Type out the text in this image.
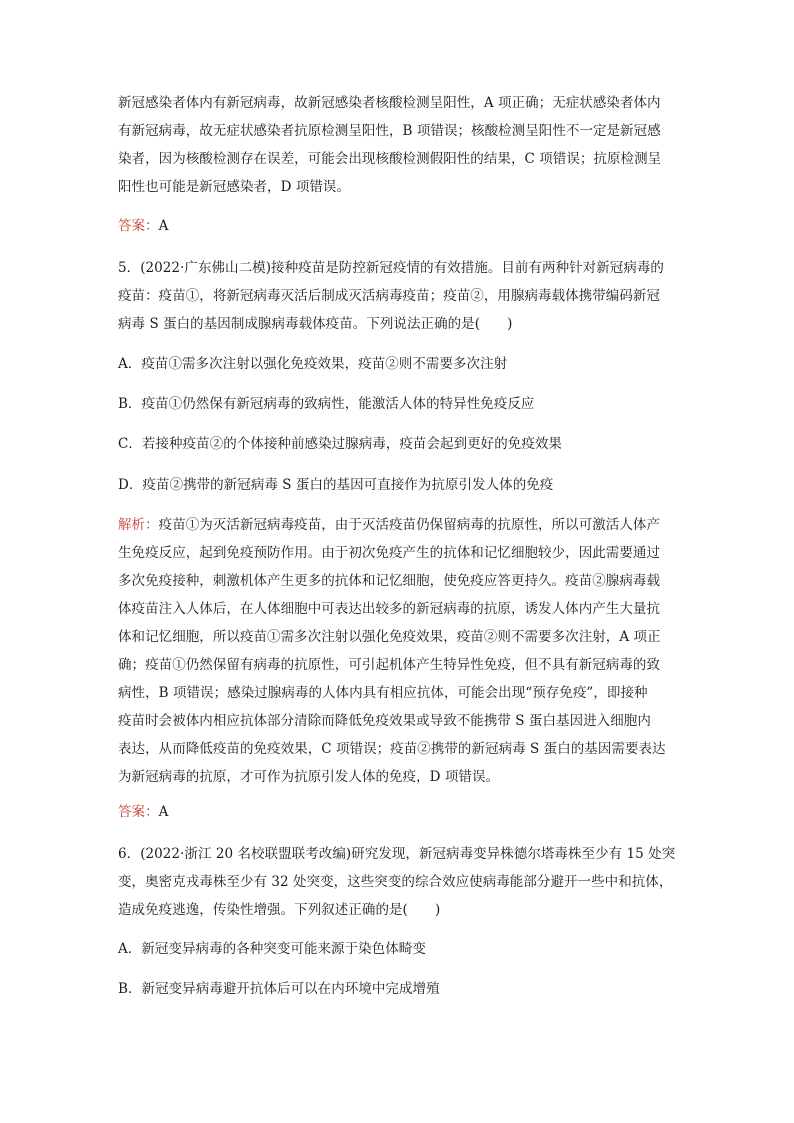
新冠感染者体内有新冠病毒，故新冠感染者核酸检测呈阳性，A 项正确；无症状感染者体内
有新冠病毒，故无症状感染者抗原检测呈阳性，B 项错误；核酸检测呈阳性不一定是新冠感
染者，因为核酸检测存在误差，可能会出现核酸检测假阳性的结果，C 项错误；抗原检测呈
阳性也可能是新冠感染者，D 项错误。
答案：A
5．(2022·广东佛山二模)接种疫苗是防控新冠疫情的有效措施。目前有两种针对新冠病毒的
疫苗：疫苗①，将新冠病毒灭活后制成灭活病毒疫苗；疫苗②，用腺病毒载体携带编码新冠
病毒 S 蛋白的基因制成腺病毒载体疫苗。下列说法正确的是(　　)
A．疫苗①需多次注射以强化免疫效果，疫苗②则不需要多次注射
B．疫苗①仍然保有新冠病毒的致病性，能激活人体的特异性免疫反应
C．若接种疫苗②的个体接种前感染过腺病毒，疫苗会起到更好的免疫效果
D．疫苗②携带的新冠病毒 S 蛋白的基因可直接作为抗原引发人体的免疫
解析：疫苗①为灭活新冠病毒疫苗，由于灭活疫苗仍保留病毒的抗原性，所以可激活人体产
生免疫反应，起到免疫预防作用。由于初次免疫产生的抗体和记忆细胞较少，因此需要通过
多次免疫接种，刺激机体产生更多的抗体和记忆细胞，使免疫应答更持久。疫苗②腺病毒载
体疫苗注入人体后，在人体细胞中可表达出较多的新冠病毒的抗原，诱发人体内产生大量抗
体和记忆细胞，所以疫苗①需多次注射以强化免疫效果，疫苗②则不需要多次注射，A 项正
确；疫苗①仍然保留有病毒的抗原性，可引起机体产生特异性免疫，但不具有新冠病毒的致
病性，B 项错误；感染过腺病毒的人体内具有相应抗体，可能会出现“预存免疫”，即接种
疫苗时会被体内相应抗体部分清除而降低免疫效果或导致不能携带 S 蛋白基因进入细胞内
表达，从而降低疫苗的免疫效果，C 项错误；疫苗②携带的新冠病毒 S 蛋白的基因需要表达
为新冠病毒的抗原，才可作为抗原引发人体的免疫，D 项错误。
答案：A
6．(2022·浙江 20 名校联盟联考改编)研究发现，新冠病毒变异株德尔塔毒株至少有 15 处突
变，奥密克戎毒株至少有 32 处突变，这些突变的综合效应使病毒能部分避开一些中和抗体，
造成免疫逃逸，传染性增强。下列叙述正确的是(　　)
A．新冠变异病毒的各种突变可能来源于染色体畸变
B．新冠变异病毒避开抗体后可以在内环境中完成增殖
